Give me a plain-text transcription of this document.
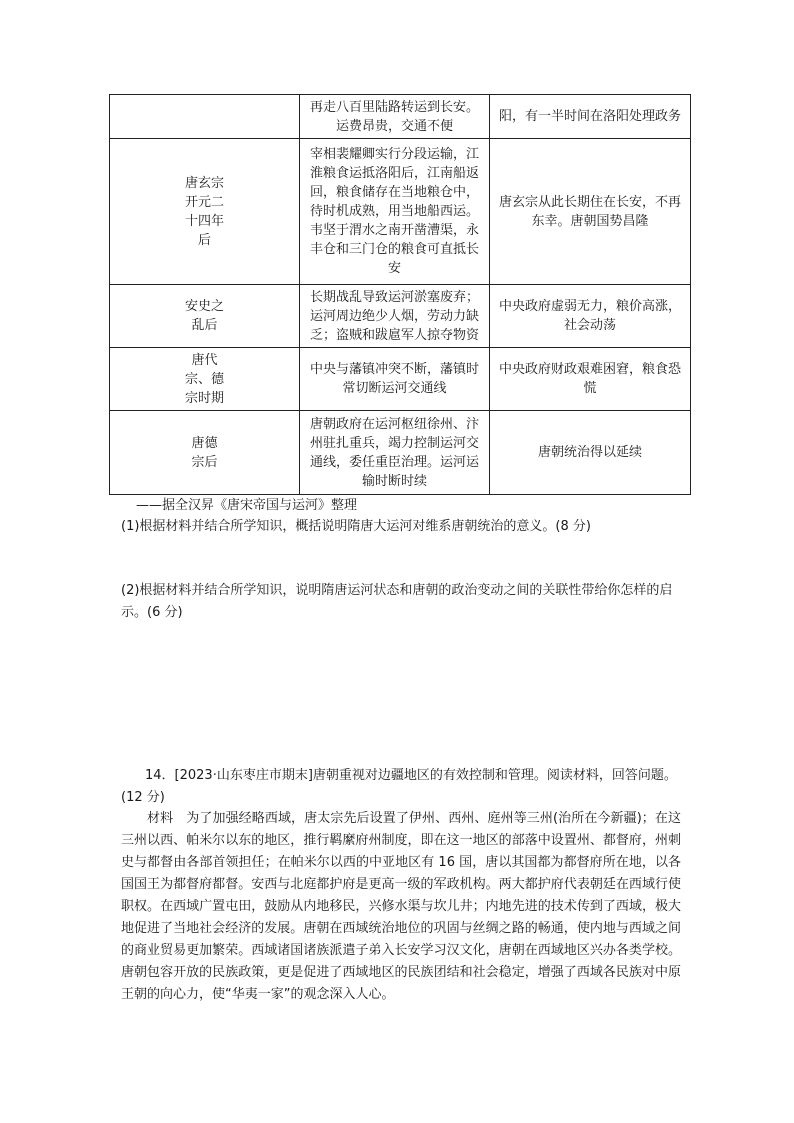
	再走八百里陆路转运到长安。运费昂贵，交通不便	阳，有一半时间在洛阳处理政务

唐玄宗
开元二
十四年
后	宰相裴耀卿实行分段运输，江淮粮食运抵洛阳后，江南船返回，粮食储存在当地粮仓中，待时机成熟，用当地船西运。韦坚于渭水之南开凿漕渠，永丰仓和三门仓的粮食可直抵长安	唐玄宗从此长期住在长安，不再东幸。唐朝国势昌隆

安史之
乱后	长期战乱导致运河淤塞废弃；运河周边绝少人烟，劳动力缺乏；盗贼和跋扈军人掠夺物资	中央政府虚弱无力，粮价高涨，社会动荡

唐代
宗、德
宗时期	中央与藩镇冲突不断，藩镇时常切断运河交通线	中央政府财政艰难困窘，粮食恐慌

唐德
宗后	唐朝政府在运河枢纽徐州、汴州驻扎重兵，竭力控制运河交通线，委任重臣治理。运河运输时断时续	唐朝统治得以延续
——据全汉昇《唐宋帝国与运河》整理
(1)根据材料并结合所学知识，概括说明隋唐大运河对维系唐朝统治的意义。(8 分)
(2)根据材料并结合所学知识，说明隋唐运河状态和唐朝的政治变动之间的关联性带给你怎样的启示。(6 分)
14．[2023·山东枣庄市期末]唐朝重视对边疆地区的有效控制和管理。阅读材料，回答问题。(12 分)
材料　为了加强经略西域，唐太宗先后设置了伊州、西州、庭州等三州(治所在今新疆)；在这三州以西、帕米尔以东的地区，推行羁縻府州制度，即在这一地区的部落中设置州、都督府，州刺史与都督由各部首领担任；在帕米尔以西的中亚地区有 16 国，唐以其国都为都督府所在地，以各国国王为都督府都督。安西与北庭都护府是更高一级的军政机构。两大都护府代表朝廷在西域行使职权。在西域广置屯田，鼓励从内地移民，兴修水渠与坎儿井；内地先进的技术传到了西域，极大地促进了当地社会经济的发展。唐朝在西域统治地位的巩固与丝绸之路的畅通，使内地与西域之间的商业贸易更加繁荣。西域诸国诸族派遣子弟入长安学习汉文化，唐朝在西域地区兴办各类学校。唐朝包容开放的民族政策，更是促进了西域地区的民族团结和社会稳定，增强了西域各民族对中原王朝的向心力，使“华夷一家”的观念深入人心。
